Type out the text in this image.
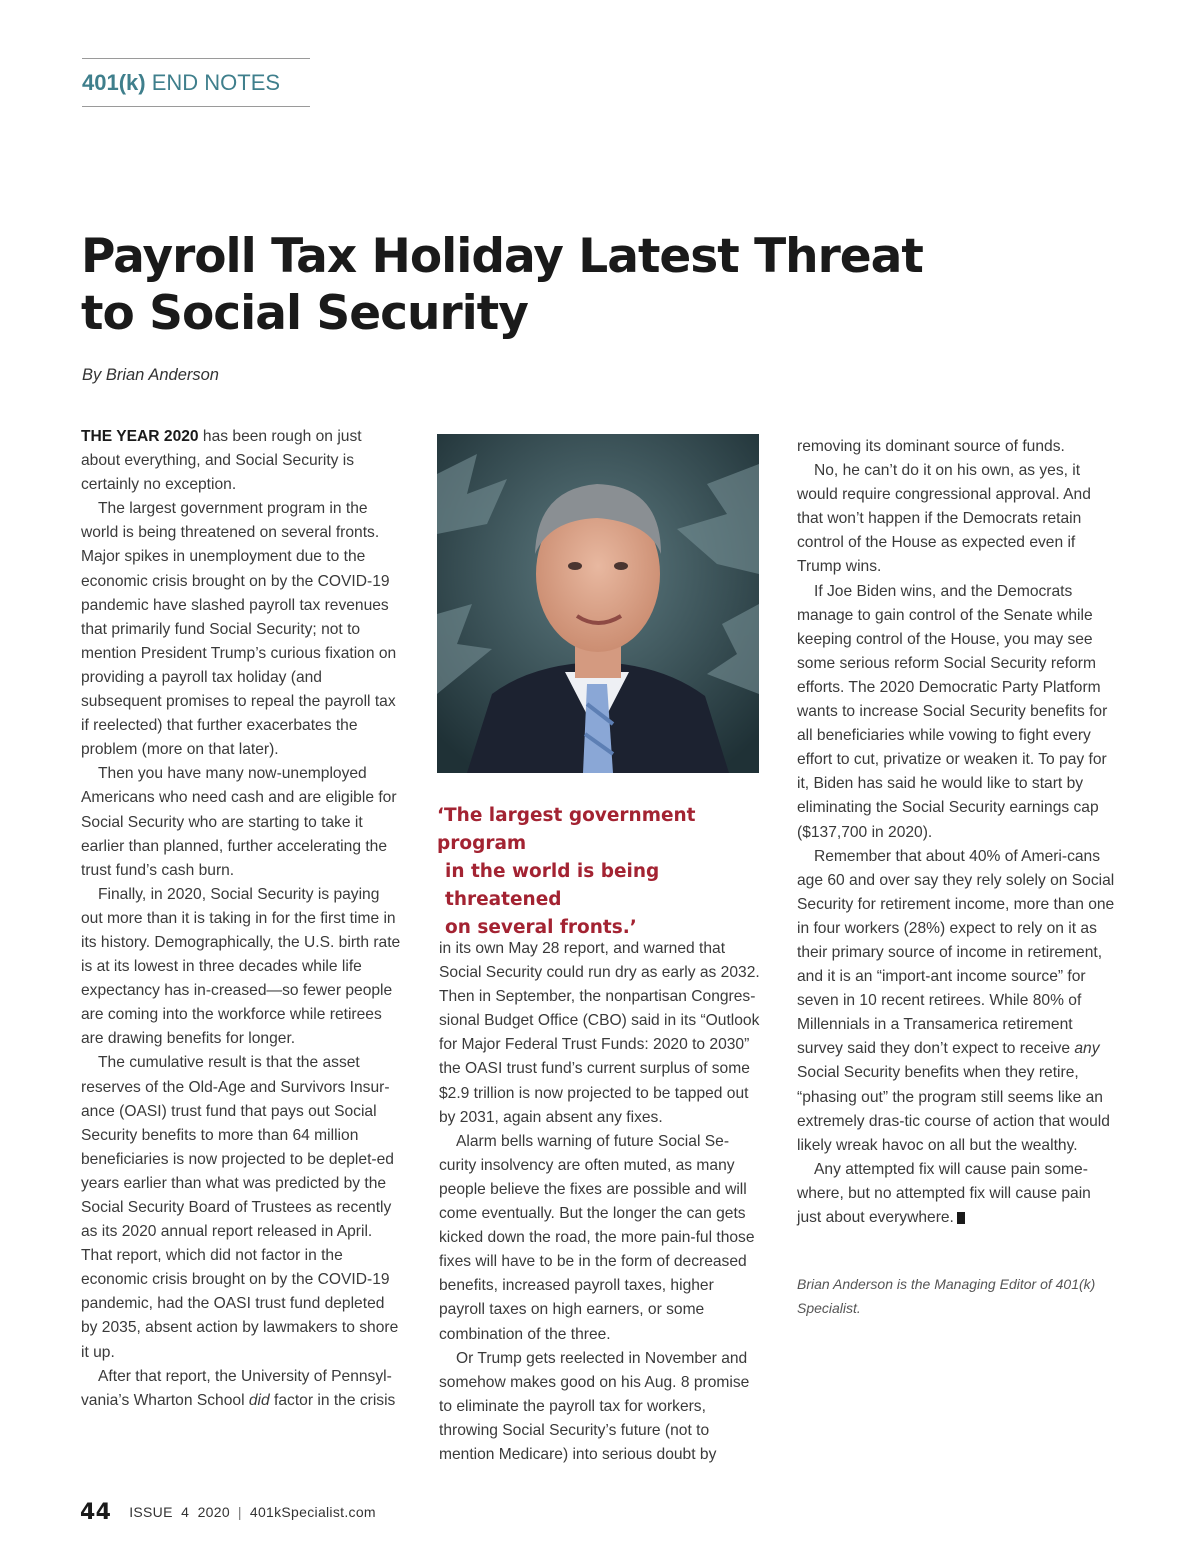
401(k) END NOTES
Payroll Tax Holiday Latest Threat to Social Security
By Brian Anderson

THE YEAR 2020 has been rough on just about everything, and Social Security is certainly no exception.

The largest government program in the world is being threatened on several fronts. Major spikes in unemployment due to the economic crisis brought on by the COVID-19 pandemic have slashed payroll tax revenues that primarily fund Social Security; not to mention President Trump’s curious fixation on providing a payroll tax holiday (and subsequent promises to repeal the payroll tax if reelected) that further exacerbates the problem (more on that later).

Then you have many now-unemployed Americans who need cash and are eligible for Social Security who are starting to take it earlier than planned, further accelerating the trust fund’s cash burn.

Finally, in 2020, Social Security is paying out more than it is taking in for the first time in its history. Demographically, the U.S. birth rate is at its lowest in three decades while life expectancy has in-creased—so fewer people are coming into the workforce while retirees are drawing benefits for longer.

The cumulative result is that the asset reserves of the Old-Age and Survivors Insur-ance (OASI) trust fund that pays out Social Security benefits to more than 64 million beneficiaries is now projected to be deplet-ed years earlier than what was predicted by the Social Security Board of Trustees as recently as its 2020 annual report released in April. That report, which did not factor in the economic crisis brought on by the COVID-19 pandemic, had the OASI trust fund depleted by 2035, absent action by lawmakers to shore it up.

After that report, the University of Pennsyl-vania’s Wharton School did factor in the crisis

‘The largest government program
in the world is being threatened
on several fronts.’

in its own May 28 report, and warned that Social Security could run dry as early as 2032. Then in September, the nonpartisan Congres-sional Budget Office (CBO) said in its “Outlook for Major Federal Trust Funds: 2020 to 2030” the OASI trust fund’s current surplus of some $2.9 trillion is now projected to be tapped out by 2031, again absent any fixes.

Alarm bells warning of future Social Se-curity insolvency are often muted, as many people believe the fixes are possible and will come eventually. But the longer the can gets kicked down the road, the more pain-ful those fixes will have to be in the form of decreased benefits, increased payroll taxes, higher payroll taxes on high earners, or some combination of the three.

Or Trump gets reelected in November and somehow makes good on his Aug. 8 promise to eliminate the payroll tax for workers, throwing Social Security’s future (not to mention Medicare) into serious doubt by

removing its dominant source of funds.

No, he can’t do it on his own, as yes, it would require congressional approval. And that won’t happen if the Democrats retain control of the House as expected even if Trump wins.

If Joe Biden wins, and the Democrats manage to gain control of the Senate while keeping control of the House, you may see some serious reform Social Security reform efforts. The 2020 Democratic Party Platform wants to increase Social Security benefits for all beneficiaries while vowing to fight every effort to cut, privatize or weaken it. To pay for it, Biden has said he would like to start by eliminating the Social Security earnings cap ($137,700 in 2020).

Remember that about 40% of Ameri-cans age 60 and over say they rely solely on Social Security for retirement income, more than one in four workers (28%) expect to rely on it as their primary source of income in retirement, and it is an “import-ant income source” for seven in 10 recent retirees. While 80% of Millennials in a Transamerica retirement survey said they don’t expect to receive any Social Security benefits when they retire, “phasing out” the program still seems like an extremely dras-tic course of action that would likely wreak havoc on all but the wealthy.

Any attempted fix will cause pain some-where, but no attempted fix will cause pain just about everywhere.	K

Brian Anderson is the Managing Editor of 401(k) Specialist.
44 ISSUE  4  2020 | 401kSpecialist.com
